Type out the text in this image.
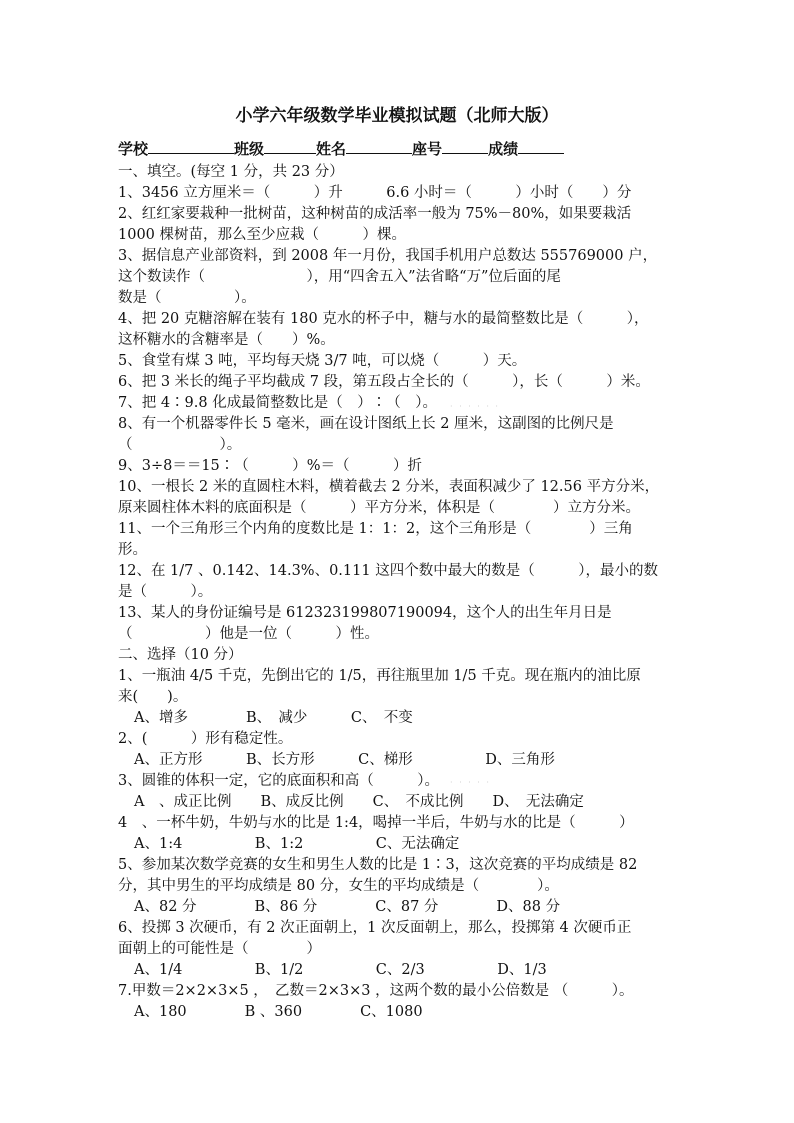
小学六年级数学毕业模拟试题（北师大版）
学校	班级	姓名	座号	成绩
一、填空。(每空 1 分，共 23 分）
1、3456 立方厘米＝（　　　）升　　　6.6 小时＝（　　　）小时（　　）分
2、红红家要栽种一批树苗，这种树苗的成活率一般为 75%－80%，如果要栽活
1000 棵树苗，那么至少应栽（　　　）棵。
3、据信息产业部资料，到 2008 年一月份，我国手机用户总数达 555769000 户，
这个数读作（　　　　　　　），用“四舍五入”法省略“万”位后面的尾
数是（　　　　　）。
4、把 20 克糖溶解在装有 180 克水的杯子中，糖与水的最简整数比是（　　　），
这杯糖水的含糖率是（　　）%。
5、食堂有煤 3 吨，平均每天烧 3/7 吨，可以烧（　　　）天。
6、把 3 米长的绳子平均截成 7 段，第五段占全长的（　　　），长（　　　）米。
7、把 4∶9.8 化成最简整数比是（　）∶（　）。
8、有一个机器零件长 5 毫米，画在设计图纸上长 2 厘米，这副图的比例尺是
（　　　　　　）。
9、3÷8＝＝15∶（　　　）%＝（　　　）折
10、一根长 2 米的直圆柱木料，横着截去 2 分米，表面积减少了 12.56 平方分米，
原来圆柱体木料的底面积是（　　　）平方分米，体积是（　　　　）立方分米。
11、一个三角形三个内角的度数比是 1：1：2，这个三角形是（　　　　）三角
形。
12、在 1/7 、0.142、14.3%、0.111 这四个数中最大的数是（　　　），最小的数
是（　　　）。
13、某人的身份证编号是 612323199807190094，这个人的出生年月日是
（　　　　　）他是一位（　　　）性。
二、选择（10 分）
1、一瓶油 4/5 千克，先倒出它的 1/5，再往瓶里加 1/5 千克。现在瓶内的油比原
来(　　)。
A、增多　　　　B、　减少　　　C、　不变
2、(　　　）形有稳定性。
A、正方形　　　B、长方形　　　C、梯形　　　　　D、三角形
3、圆锥的体积一定，它的底面积和高（　　　）。
A　、成正比例　　B、成反比例　　C、　不成比例　　D、　无法确定
4　、一杯牛奶，牛奶与水的比是 1:4，喝掉一半后，牛奶与水的比是（　　　）
A、1:4　　　　　B、1:2　　　　　C、无法确定
5、参加某次数学竞赛的女生和男生人数的比是 1∶3，这次竞赛的平均成绩是 82
分，其中男生的平均成绩是 80 分，女生的平均成绩是（　　　　）。
A、82 分　　　　B、86 分　　　　C、87 分　　　　D、88 分
6、投掷 3 次硬币，有 2 次正面朝上，1 次反面朝上，那么，投掷第 4 次硬币正
面朝上的可能性是（　　　　）
A、1/4　　　　　B、1/2　　　　　C、2/3　　　　　D、1/3
7.甲数＝2×2×3×5 ，　乙数＝2×3×3 ，这两个数的最小公倍数是 （　　　）。
A、180　　　　B 、360　　　　C、1080
· · · · · ·
· · · · ·
